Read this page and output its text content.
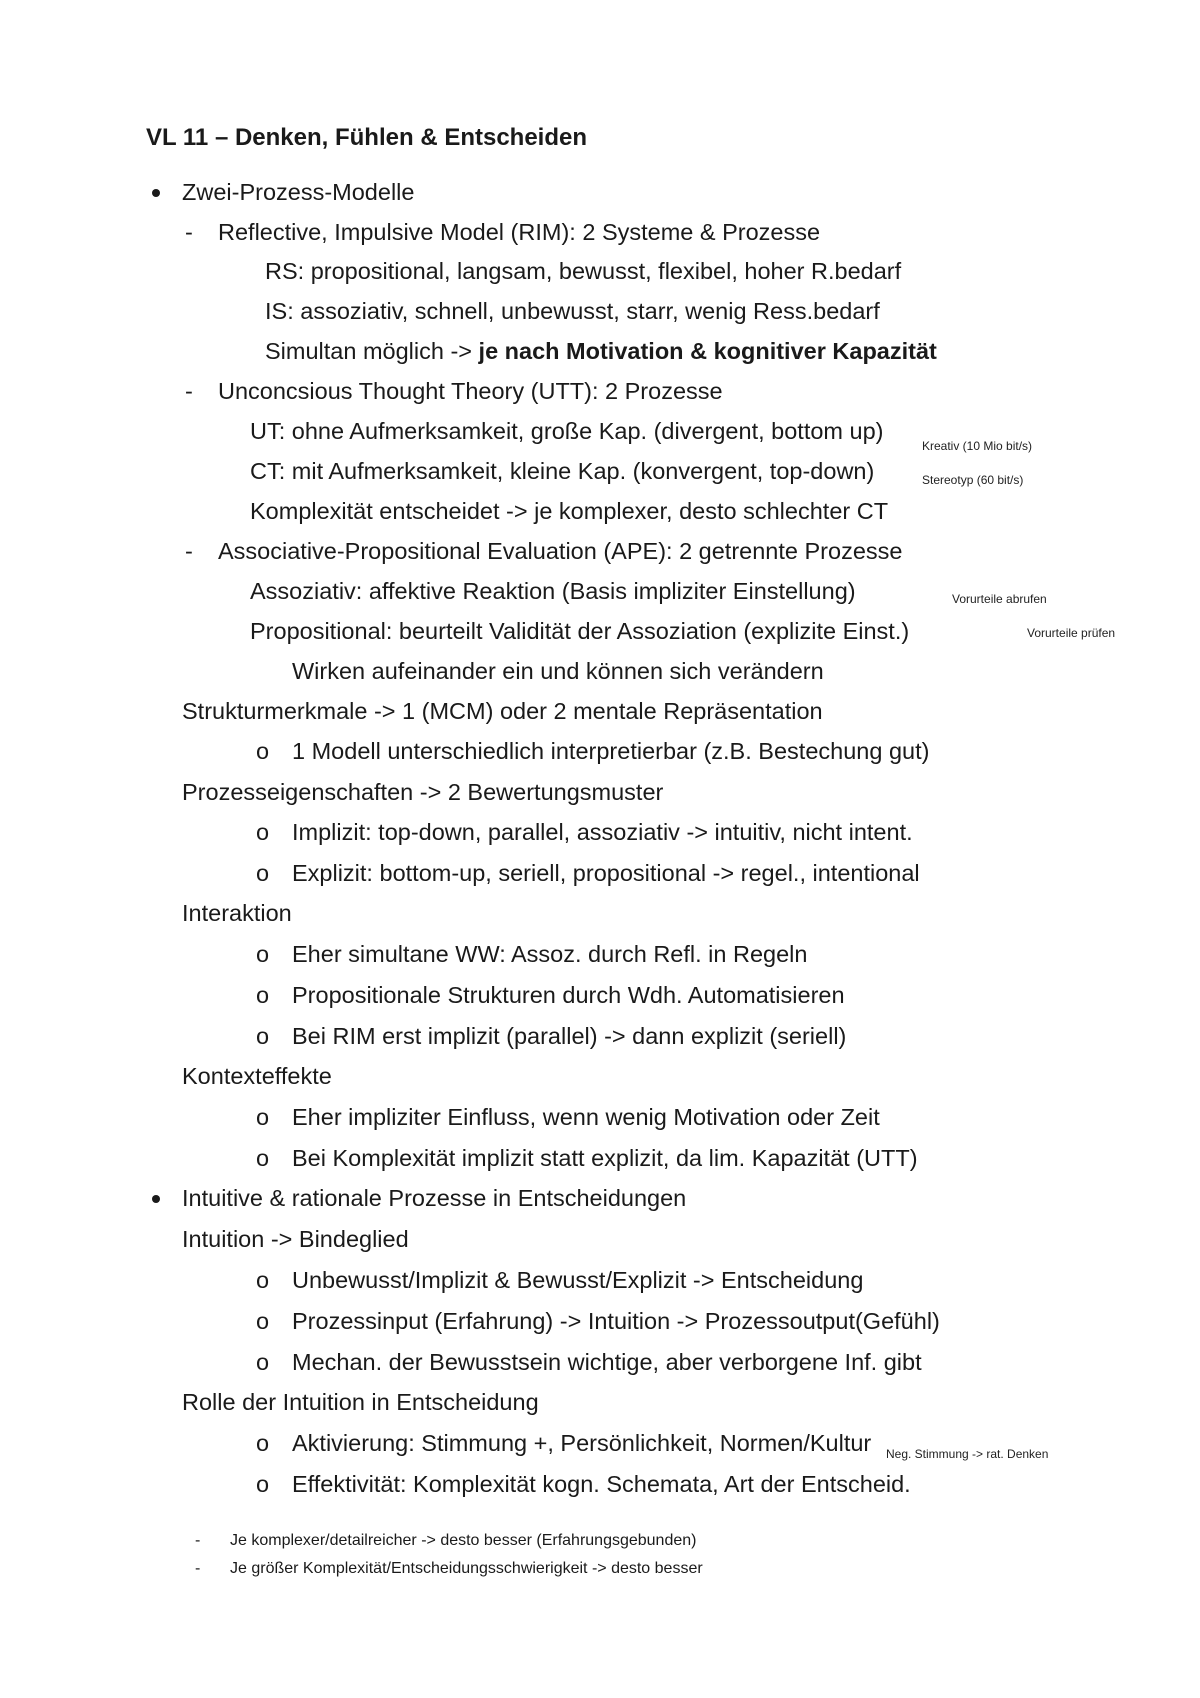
VL 11 – Denken, Fühlen & Entscheiden
Zwei-Prozess-Modelle
- Reflective, Impulsive Model (RIM): 2 Systeme & Prozesse
RS: propositional, langsam, bewusst, flexibel, hoher R.bedarf
IS: assoziativ, schnell, unbewusst, starr, wenig Ress.bedarf
Simultan möglich -> je nach Motivation & kognitiver Kapazität
- Unconcsious Thought Theory (UTT): 2 Prozesse
UT: ohne Aufmerksamkeit, große Kap. (divergent, bottom up)
Kreativ (10 Mio bit/s)
CT: mit Aufmerksamkeit, kleine Kap. (konvergent, top-down)	Stereotyp (60 bit/s)
Komplexität entscheidet -> je komplexer, desto schlechter CT
- Associative-Propositional Evaluation (APE): 2 getrennte Prozesse
Assoziativ: affektive Reaktion (Basis impliziter Einstellung)	Vorurteile abrufen
Propositional: beurteilt Validität der Assoziation (explizite Einst.)	Vorurteile prüfen
Wirken aufeinander ein und können sich verändern
Strukturmerkmale -> 1 (MCM) oder 2 mentale Repräsentation
o 1 Modell unterschiedlich interpretierbar (z.B. Bestechung gut)
Prozesseigenschaften -> 2 Bewertungsmuster
o Implizit: top-down, parallel, assoziativ -> intuitiv, nicht intent.
o Explizit: bottom-up, seriell, propositional -> regel., intentional
Interaktion
o Eher simultane WW: Assoz. durch Refl. in Regeln
o Propositionale Strukturen durch Wdh. Automatisieren
o Bei RIM erst implizit (parallel) -> dann explizit (seriell)
Kontexteffekte
o Eher impliziter Einfluss, wenn wenig Motivation oder Zeit
o Bei Komplexität implizit statt explizit, da lim. Kapazität (UTT)
Intuitive & rationale Prozesse in Entscheidungen
Intuition -> Bindeglied
o Unbewusst/Implizit & Bewusst/Explizit -> Entscheidung
o Prozessinput (Erfahrung) -> Intuition -> Prozessoutput(Gefühl)
o Mechan. der Bewusstsein wichtige, aber verborgene Inf. gibt
Rolle der Intuition in Entscheidung
o Aktivierung: Stimmung +, Persönlichkeit, Normen/Kultur Neg. Stimmung -> rat. Denken
o Effektivität: Komplexität kogn. Schemata, Art der Entscheid.
- Je komplexer/detailreicher -> desto besser (Erfahrungsgebunden)
- Je größer Komplexität/Entscheidungsschwierigkeit -> desto besser
